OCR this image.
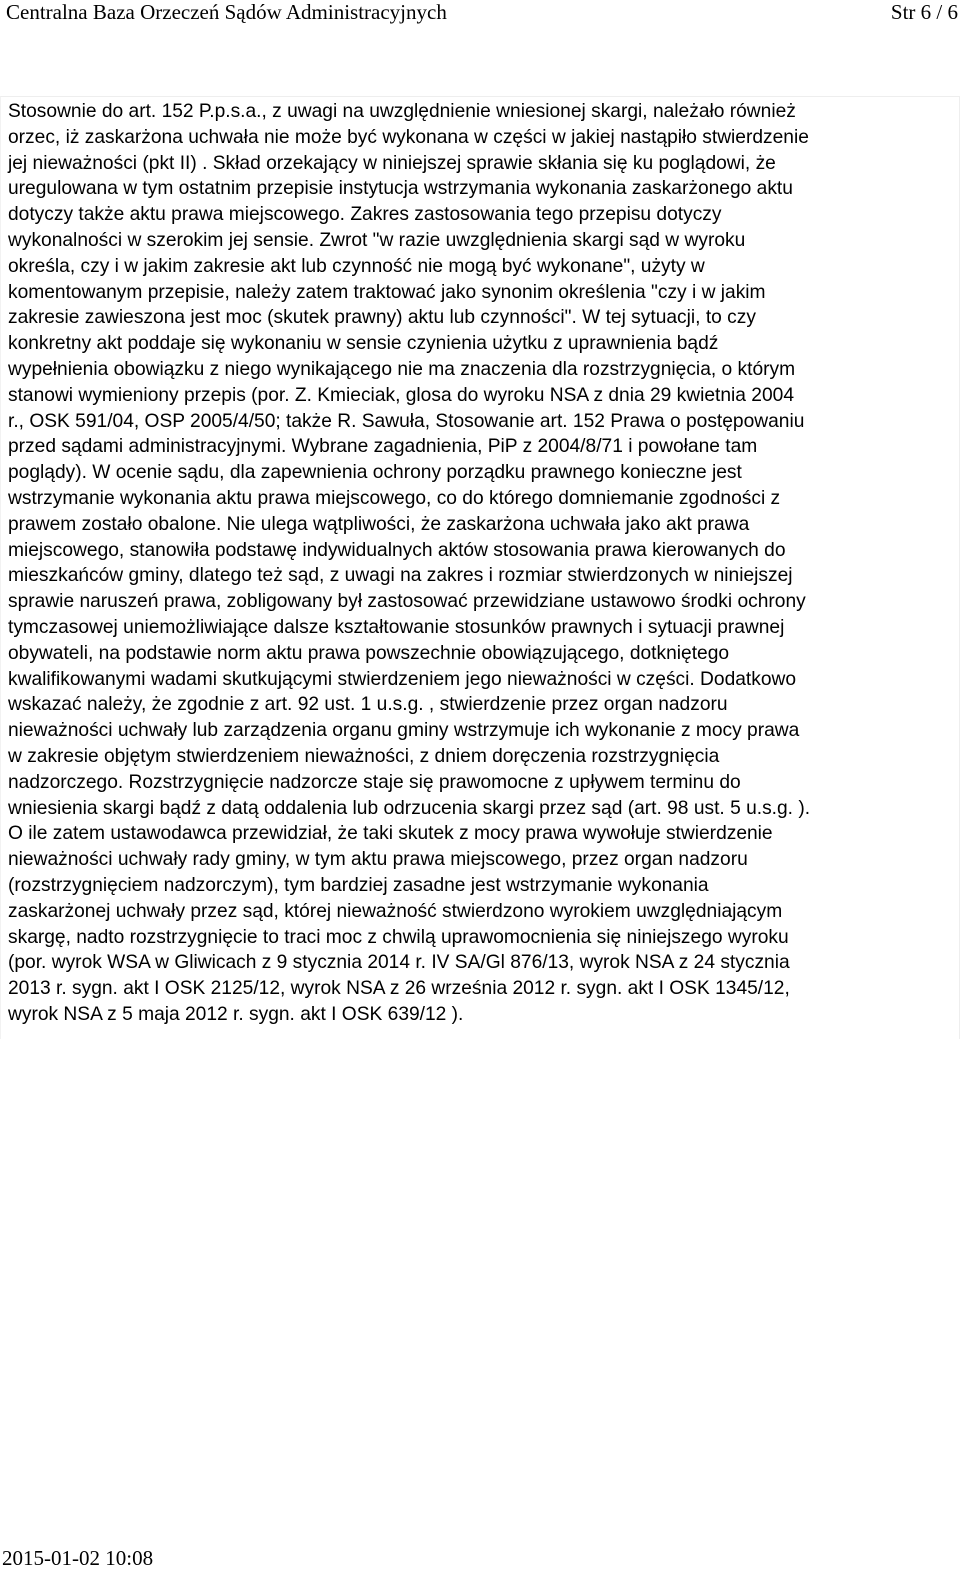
Centralna Baza Orzeczeń Sądów Administracyjnych	Str 6 / 6

Stosownie do art. 152 P.p.s.a., z uwagi na uwzględnienie wniesionej skargi, należało również
orzec, iż zaskarżona uchwała nie może być wykonana w części w jakiej nastąpiło stwierdzenie
jej nieważności (pkt II) . Skład orzekający w niniejszej sprawie skłania się ku poglądowi, że
uregulowana w tym ostatnim przepisie instytucja wstrzymania wykonania zaskarżonego aktu
dotyczy także aktu prawa miejscowego. Zakres zastosowania tego przepisu dotyczy
wykonalności w szerokim jej sensie. Zwrot "w razie uwzględnienia skargi sąd w wyroku
określa, czy i w jakim zakresie akt lub czynność nie mogą być wykonane", użyty w
komentowanym przepisie, należy zatem traktować jako synonim określenia "czy i w jakim
zakresie zawieszona jest moc (skutek prawny) aktu lub czynności". W tej sytuacji, to czy
konkretny akt poddaje się wykonaniu w sensie czynienia użytku z uprawnienia bądź
wypełnienia obowiązku z niego wynikającego nie ma znaczenia dla rozstrzygnięcia, o którym
stanowi wymieniony przepis (por. Z. Kmieciak, glosa do wyroku NSA z dnia 29 kwietnia 2004
r., OSK 591/04, OSP 2005/4/50; także R. Sawuła, Stosowanie art. 152 Prawa o postępowaniu
przed sądami administracyjnymi. Wybrane zagadnienia, PiP z 2004/8/71 i powołane tam
poglądy). W ocenie sądu, dla zapewnienia ochrony porządku prawnego konieczne jest
wstrzymanie wykonania aktu prawa miejscowego, co do którego domniemanie zgodności z
prawem zostało obalone. Nie ulega wątpliwości, że zaskarżona uchwała jako akt prawa
miejscowego, stanowiła podstawę indywidualnych aktów stosowania prawa kierowanych do
mieszkańców gminy, dlatego też sąd, z uwagi na zakres i rozmiar stwierdzonych w niniejszej
sprawie naruszeń prawa, zobligowany był zastosować przewidziane ustawowo środki ochrony
tymczasowej uniemożliwiające dalsze kształtowanie stosunków prawnych i sytuacji prawnej
obywateli, na podstawie norm aktu prawa powszechnie obowiązującego, dotkniętego
kwalifikowanymi wadami skutkującymi stwierdzeniem jego nieważności w części. Dodatkowo
wskazać należy, że zgodnie z art. 92 ust. 1 u.s.g. , stwierdzenie przez organ nadzoru
nieważności uchwały lub zarządzenia organu gminy wstrzymuje ich wykonanie z mocy prawa
w zakresie objętym stwierdzeniem nieważności, z dniem doręczenia rozstrzygnięcia
nadzorczego. Rozstrzygnięcie nadzorcze staje się prawomocne z upływem terminu do
wniesienia skargi bądź z datą oddalenia lub odrzucenia skargi przez sąd (art. 98 ust. 5 u.s.g. ).
O ile zatem ustawodawca przewidział, że taki skutek z mocy prawa wywołuje stwierdzenie
nieważności uchwały rady gminy, w tym aktu prawa miejscowego, przez organ nadzoru
(rozstrzygnięciem nadzorczym), tym bardziej zasadne jest wstrzymanie wykonania
zaskarżonej uchwały przez sąd, której nieważność stwierdzono wyrokiem uwzględniającym
skargę, nadto rozstrzygnięcie to traci moc z chwilą uprawomocnienia się niniejszego wyroku
(por. wyrok WSA w Gliwicach z 9 stycznia 2014 r. IV SA/Gl 876/13, wyrok NSA z 24 stycznia
2013 r. sygn. akt I OSK 2125/12, wyrok NSA z 26 września 2012 r. sygn. akt I OSK 1345/12,
wyrok NSA z 5 maja 2012 r. sygn. akt I OSK 639/12 ).

2015-01-02 10:08
